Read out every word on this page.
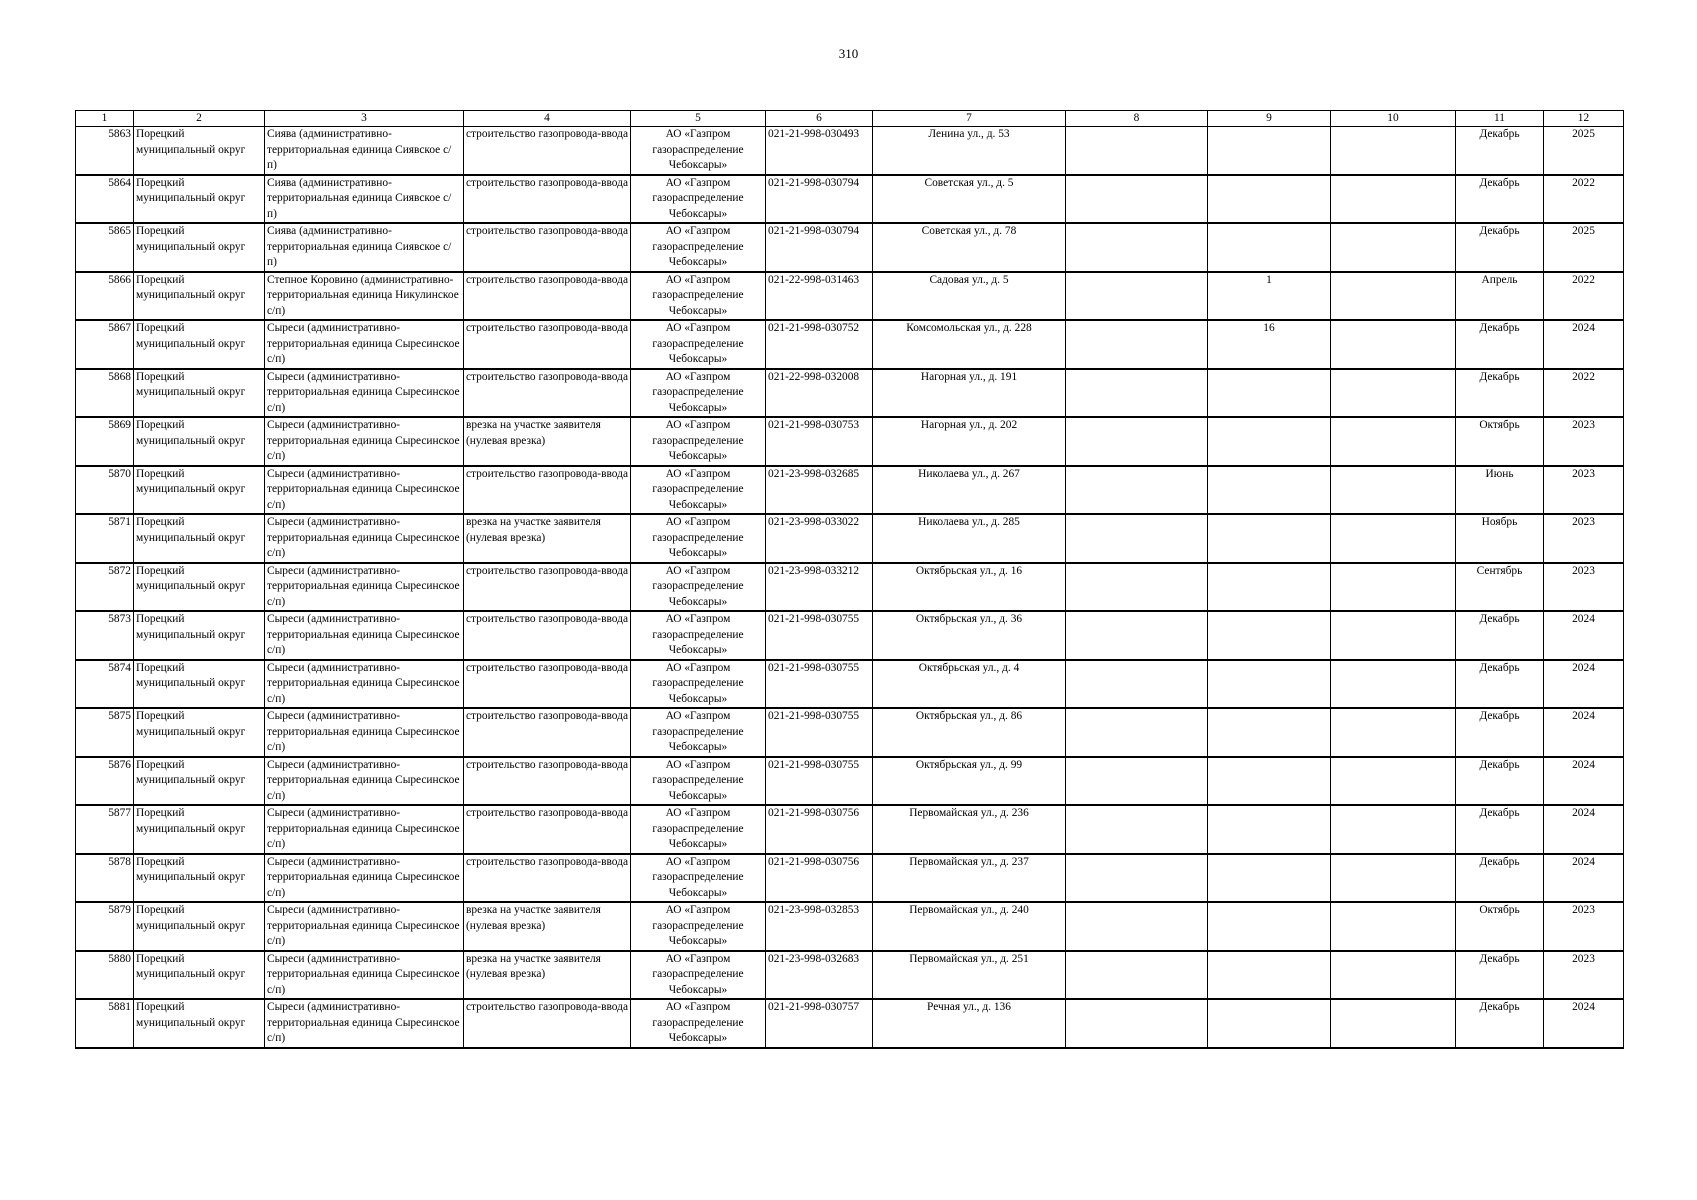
310
1	2	3	4	5	6	7	8	9	10	11	12
5863	Порецкий муниципальный округ	Сиява (административно-территориальная единица Сиявское с/п)	строительство газопровода-ввода	АО «Газпром газораспределение Чебоксары»	021-21-998-030493	Ленина ул., д. 53				Декабрь	2025
5864	Порецкий муниципальный округ	Сиява (административно-территориальная единица Сиявское с/п)	строительство газопровода-ввода	АО «Газпром газораспределение Чебоксары»	021-21-998-030794	Советская ул., д. 5				Декабрь	2022
5865	Порецкий муниципальный округ	Сиява (административно-территориальная единица Сиявское с/п)	строительство газопровода-ввода	АО «Газпром газораспределение Чебоксары»	021-21-998-030794	Советская ул., д. 78				Декабрь	2025
5866	Порецкий муниципальный округ	Степное Коровино (административно-территориальная единица Никулинское с/п)	строительство газопровода-ввода	АО «Газпром газораспределение Чебоксары»	021-22-998-031463	Садовая ул., д. 5		1		Апрель	2022
5867	Порецкий муниципальный округ	Сыреси (административно-территориальная единица Сыресинское с/п)	строительство газопровода-ввода	АО «Газпром газораспределение Чебоксары»	021-21-998-030752	Комсомольская ул., д. 228		16		Декабрь	2024
5868	Порецкий муниципальный округ	Сыреси (административно-территориальная единица Сыресинское с/п)	строительство газопровода-ввода	АО «Газпром газораспределение Чебоксары»	021-22-998-032008	Нагорная ул., д. 191				Декабрь	2022
5869	Порецкий муниципальный округ	Сыреси (административно-территориальная единица Сыресинское с/п)	врезка на участке заявителя (нулевая врезка)	АО «Газпром газораспределение Чебоксары»	021-21-998-030753	Нагорная ул., д. 202				Октябрь	2023
5870	Порецкий муниципальный округ	Сыреси (административно-территориальная единица Сыресинское с/п)	строительство газопровода-ввода	АО «Газпром газораспределение Чебоксары»	021-23-998-032685	Николаева ул., д. 267				Июнь	2023
5871	Порецкий муниципальный округ	Сыреси (административно-территориальная единица Сыресинское с/п)	врезка на участке заявителя (нулевая врезка)	АО «Газпром газораспределение Чебоксары»	021-23-998-033022	Николаева ул., д. 285				Ноябрь	2023
5872	Порецкий муниципальный округ	Сыреси (административно-территориальная единица Сыресинское с/п)	строительство газопровода-ввода	АО «Газпром газораспределение Чебоксары»	021-23-998-033212	Октябрьская ул., д. 16				Сентябрь	2023
5873	Порецкий муниципальный округ	Сыреси (административно-территориальная единица Сыресинское с/п)	строительство газопровода-ввода	АО «Газпром газораспределение Чебоксары»	021-21-998-030755	Октябрьская ул., д. 36				Декабрь	2024
5874	Порецкий муниципальный округ	Сыреси (административно-территориальная единица Сыресинское с/п)	строительство газопровода-ввода	АО «Газпром газораспределение Чебоксары»	021-21-998-030755	Октябрьская ул., д. 4				Декабрь	2024
5875	Порецкий муниципальный округ	Сыреси (административно-территориальная единица Сыресинское с/п)	строительство газопровода-ввода	АО «Газпром газораспределение Чебоксары»	021-21-998-030755	Октябрьская ул., д. 86				Декабрь	2024
5876	Порецкий муниципальный округ	Сыреси (административно-территориальная единица Сыресинское с/п)	строительство газопровода-ввода	АО «Газпром газораспределение Чебоксары»	021-21-998-030755	Октябрьская ул., д. 99				Декабрь	2024
5877	Порецкий муниципальный округ	Сыреси (административно-территориальная единица Сыресинское с/п)	строительство газопровода-ввода	АО «Газпром газораспределение Чебоксары»	021-21-998-030756	Первомайская ул., д. 236				Декабрь	2024
5878	Порецкий муниципальный округ	Сыреси (административно-территориальная единица Сыресинское с/п)	строительство газопровода-ввода	АО «Газпром газораспределение Чебоксары»	021-21-998-030756	Первомайская ул., д. 237				Декабрь	2024
5879	Порецкий муниципальный округ	Сыреси (административно-территориальная единица Сыресинское с/п)	врезка на участке заявителя (нулевая врезка)	АО «Газпром газораспределение Чебоксары»	021-23-998-032853	Первомайская ул., д. 240				Октябрь	2023
5880	Порецкий муниципальный округ	Сыреси (административно-территориальная единица Сыресинское с/п)	врезка на участке заявителя (нулевая врезка)	АО «Газпром газораспределение Чебоксары»	021-23-998-032683	Первомайская ул., д. 251				Декабрь	2023
5881	Порецкий муниципальный округ	Сыреси (административно-территориальная единица Сыресинское с/п)	строительство газопровода-ввода	АО «Газпром газораспределение Чебоксары»	021-21-998-030757	Речная ул., д. 136				Декабрь	2024
